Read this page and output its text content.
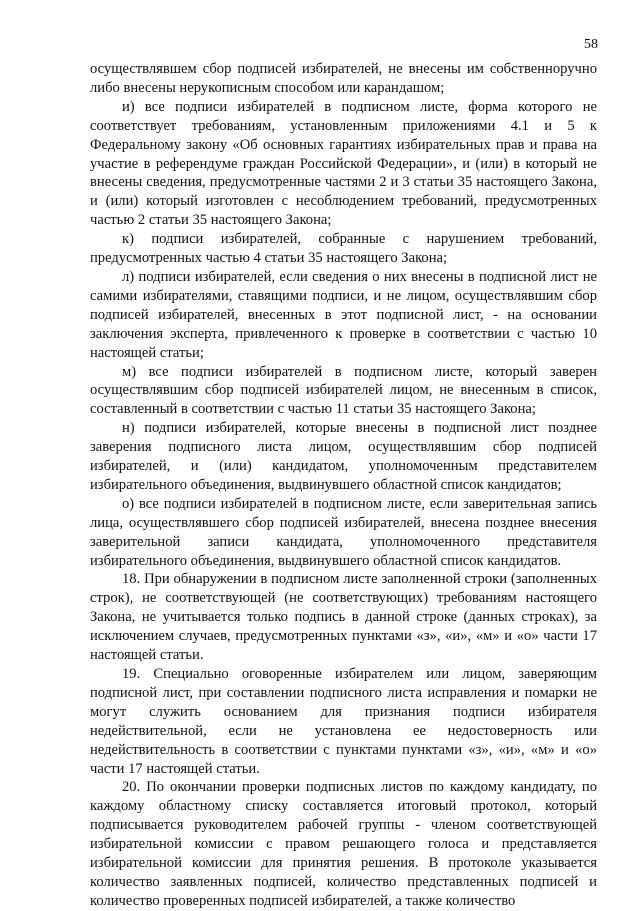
58

осуществлявшем сбор подписей избирателей, не внесены им собственноручно либо внесены нерукописным способом или карандашом;

и) все подписи избирателей в подписном листе, форма которого не соответствует требованиям, установленным приложениями 4.1 и 5 к Федеральному закону «Об основных гарантиях избирательных прав и права на участие в референдуме граждан Российской Федерации», и (или) в который не внесены сведения, предусмотренные частями 2 и 3 статьи 35 настоящего Закона, и (или) который изготовлен с несоблюдением требований, предусмотренных частью 2 статьи 35 настоящего Закона;

к) подписи избирателей, собранные с нарушением требований, предусмотренных частью 4 статьи 35 настоящего Закона;

л) подписи избирателей, если сведения о них внесены в подписной лист не самими избирателями, ставящими подписи, и не лицом, осуществлявшим сбор подписей избирателей, внесенных в этот подписной лист, - на основании заключения эксперта, привлеченного к проверке в соответствии с частью 10 настоящей статьи;

м) все подписи избирателей в подписном листе, который заверен осуществлявшим сбор подписей избирателей лицом, не внесенным в список, составленный в соответствии с частью 11 статьи 35 настоящего Закона;

н) подписи избирателей, которые внесены в подписной лист позднее заверения подписного листа лицом, осуществлявшим сбор подписей избирателей, и (или) кандидатом, уполномоченным представителем избирательного объединения, выдвинувшего областной список кандидатов;

о) все подписи избирателей в подписном листе, если заверительная запись лица, осуществлявшего сбор подписей избирателей, внесена позднее внесения заверительной записи кандидата, уполномоченного представителя избирательного объединения, выдвинувшего областной список кандидатов.

18. При обнаружении в подписном листе заполненной строки (заполненных строк), не соответствующей (не соответствующих) требованиям настоящего Закона, не учитывается только подпись в данной строке (данных строках), за исключением случаев, предусмотренных пунктами «з», «и», «м» и «о» части 17 настоящей статьи.

19. Специально оговоренные избирателем или лицом, заверяющим подписной лист, при составлении подписного листа исправления и помарки не могут служить основанием для признания подписи избирателя недействительной, если не установлена ее недостоверность или недействительность в соответствии с пунктами пунктами «з», «и», «м» и «о» части 17 настоящей статьи.

20. По окончании проверки подписных листов по каждому кандидату, по каждому областному списку составляется итоговый протокол, который подписывается руководителем рабочей группы - членом соответствующей избирательной комиссии с правом решающего голоса и представляется избирательной комиссии для принятия решения. В протоколе указывается количество заявленных подписей, количество представленных подписей и количество проверенных подписей избирателей, а также количество
